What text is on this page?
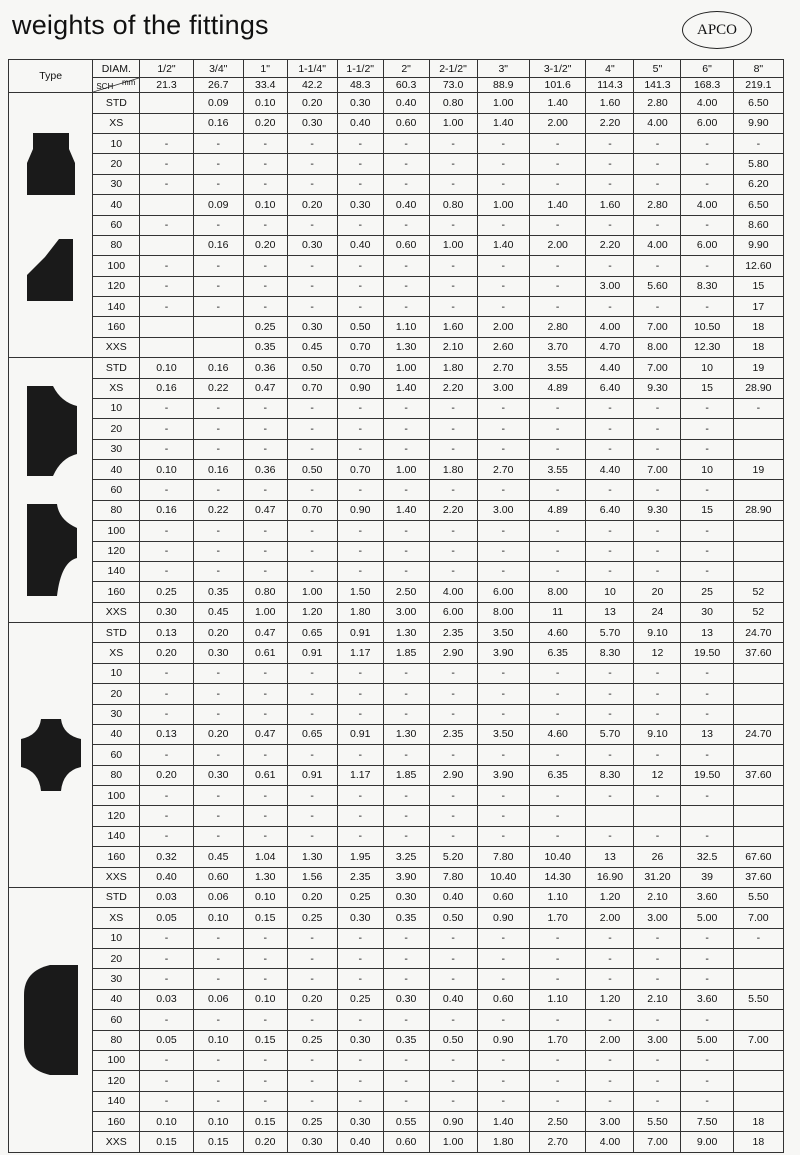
weights of the fittings	APCO
Type	DIAM.	1/2"	3/4"	1"	1-1/4"	1-1/2"	2"	2-1/2"	3"	3-1/2"	4"	5"	6"	8"

	SCH mm	21.3	26.7	33.4	42.2	48.3	60.3	73.0	88.9	101.6	114.3	141.3	168.3	219.1

	STD		0.09	0.10	0.20	0.30	0.40	0.80	1.00	1.40	1.60	2.80	4.00	6.50
	XS		0.16	0.20	0.30	0.40	0.60	1.00	1.40	2.00	2.20	4.00	6.00	9.90
	10	-	-	-	-	-	-	-	-	-	-	-	-	-
	20	-	-	-	-	-	-	-	-	-	-	-	-	5.80
	30	-	-	-	-	-	-	-	-	-	-	-	-	6.20
	40		0.09	0.10	0.20	0.30	0.40	0.80	1.00	1.40	1.60	2.80	4.00	6.50
	60	-	-	-	-	-	-	-	-	-	-	-	-	8.60
	80		0.16	0.20	0.30	0.40	0.60	1.00	1.40	2.00	2.20	4.00	6.00	9.90
	100	-	-	-	-	-	-	-	-	-	-	-	-	12.60
	120	-	-	-	-	-	-	-	-	-	3.00	5.60	8.30	15
	140	-	-	-	-	-	-	-	-	-	-	-	-	17
	160			0.25	0.30	0.50	1.10	1.60	2.00	2.80	4.00	7.00	10.50	18
	XXS			0.35	0.45	0.70	1.30	2.10	2.60	3.70	4.70	8.00	12.30	18

	STD	0.10	0.16	0.36	0.50	0.70	1.00	1.80	2.70	3.55	4.40	7.00	10	19
	XS	0.16	0.22	0.47	0.70	0.90	1.40	2.20	3.00	4.89	6.40	9.30	15	28.90
	10	-	-	-	-	-	-	-	-	-	-	-	-	-
	20	-	-	-	-	-	-	-	-	-	-	-	-	
	30	-	-	-	-	-	-	-	-	-	-	-	-	
	40	0.10	0.16	0.36	0.50	0.70	1.00	1.80	2.70	3.55	4.40	7.00	10	19
	60	-	-	-	-	-	-	-	-	-	-	-	-	
	80	0.16	0.22	0.47	0.70	0.90	1.40	2.20	3.00	4.89	6.40	9.30	15	28.90
	100	-	-	-	-	-	-	-	-	-	-	-	-	
	120	-	-	-	-	-	-	-	-	-	-	-	-	
	140	-	-	-	-	-	-	-	-	-	-	-	-	
	160	0.25	0.35	0.80	1.00	1.50	2.50	4.00	6.00	8.00	10	20	25	52
	XXS	0.30	0.45	1.00	1.20	1.80	3.00	6.00	8.00	11	13	24	30	52

	STD	0.13	0.20	0.47	0.65	0.91	1.30	2.35	3.50	4.60	5.70	9.10	13	24.70
	XS	0.20	0.30	0.61	0.91	1.17	1.85	2.90	3.90	6.35	8.30	12	19.50	37.60
	10	-	-	-	-	-	-	-	-	-	-	-	-	
	20	-	-	-	-	-	-	-	-	-	-	-	-	
	30	-	-	-	-	-	-	-	-	-	-	-	-	
	40	0.13	0.20	0.47	0.65	0.91	1.30	2.35	3.50	4.60	5.70	9.10	13	24.70
	60	-	-	-	-	-	-	-	-	-	-	-	-	
	80	0.20	0.30	0.61	0.91	1.17	1.85	2.90	3.90	6.35	8.30	12	19.50	37.60
	100	-	-	-	-	-	-	-	-	-	-	-	-	
	120	-	-	-	-	-	-	-	-	-				
	140	-	-	-	-	-	-	-	-	-	-	-	-	
	160	0.32	0.45	1.04	1.30	1.95	3.25	5.20	7.80	10.40	13	26	32.5	67.60
	XXS	0.40	0.60	1.30	1.56	2.35	3.90	7.80	10.40	14.30	16.90	31.20	39	37.60

	STD	0.03	0.06	0.10	0.20	0.25	0.30	0.40	0.60	1.10	1.20	2.10	3.60	5.50
	XS	0.05	0.10	0.15	0.25	0.30	0.35	0.50	0.90	1.70	2.00	3.00	5.00	7.00
	10	-	-	-	-	-	-	-	-	-	-	-	-	-
	20	-	-	-	-	-	-	-	-	-	-	-	-	
	30	-	-	-	-	-	-	-	-	-	-	-	-	
	40	0.03	0.06	0.10	0.20	0.25	0.30	0.40	0.60	1.10	1.20	2.10	3.60	5.50
	60	-	-	-	-	-	-	-	-	-	-	-	-	
	80	0.05	0.10	0.15	0.25	0.30	0.35	0.50	0.90	1.70	2.00	3.00	5.00	7.00
	100	-	-	-	-	-	-	-	-	-	-	-	-	
	120	-	-	-	-	-	-	-	-	-	-	-	-	
	140	-	-	-	-	-	-	-	-	-	-	-	-	
	160	0.10	0.10	0.15	0.25	0.30	0.55	0.90	1.40	2.50	3.00	5.50	7.50	18
	XXS	0.15	0.15	0.20	0.30	0.40	0.60	1.00	1.80	2.70	4.00	7.00	9.00	18
